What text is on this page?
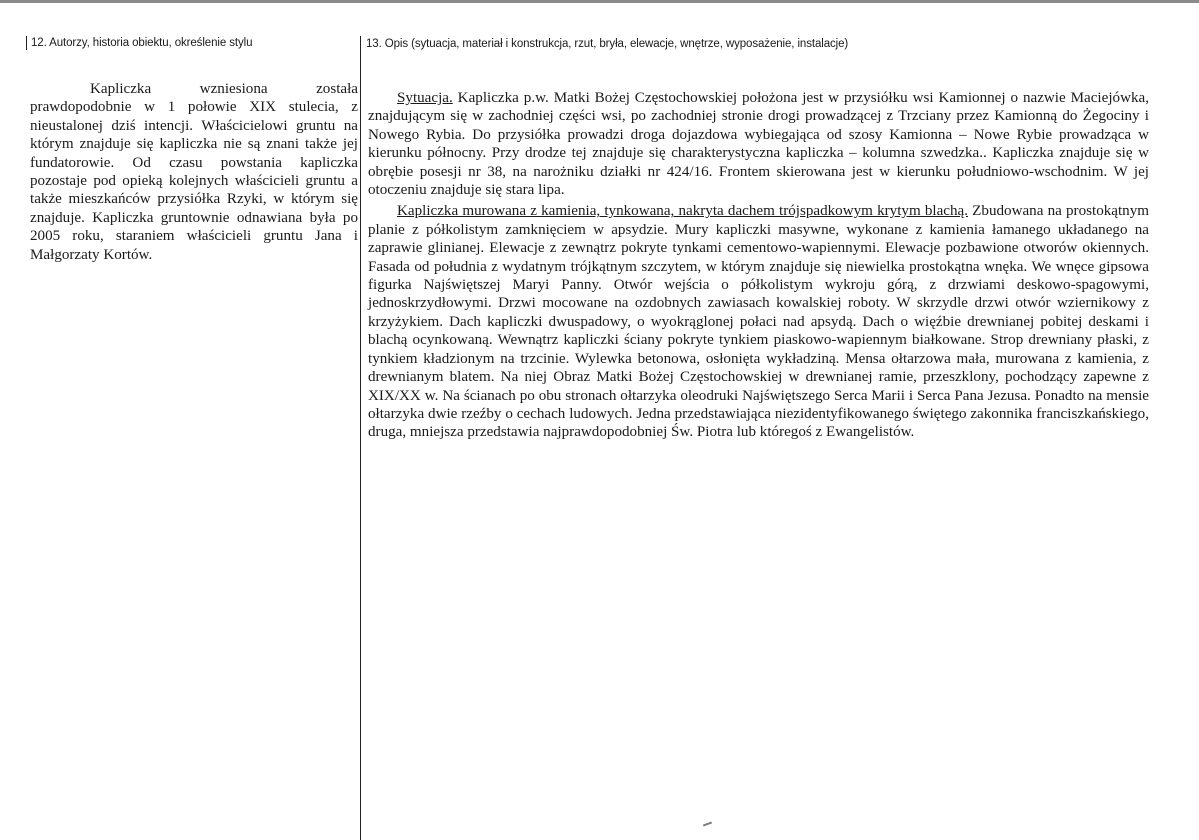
12. Autorzy, historia obiektu, określenie stylu	13. Opis (sytuacja, materiał i konstrukcja, rzut, bryła, elewacje, wnętrze, wyposażenie, instalacje)

Kapliczka wzniesiona została prawdopodobnie w 1 połowie XIX stulecia, z nieustalonej dziś intencji. Właścicielowi gruntu na którym znajduje się kapliczka nie są znani także jej fundatorowie. Od czasu powstania kapliczka pozostaje pod opieką kolejnych właścicieli gruntu a także mieszkańców przysiółka Rzyki, w którym się znajduje. Kapliczka gruntownie odnawiana była po 2005 roku, staraniem właścicieli gruntu Jana i Małgorzaty Kortów.

Sytuacja. Kapliczka p.w. Matki Bożej Częstochowskiej położona jest w przysiółku wsi Kamionnej o nazwie Maciejówka, znajdującym się w zachodniej części wsi, po zachodniej stronie drogi prowadzącej z Trzciany przez Kamionną do Żegociny i Nowego Rybia. Do przysiółka prowadzi droga dojazdowa wybiegająca od szosy Kamionna – Nowe Rybie prowadząca w kierunku północny. Przy drodze tej znajduje się charakterystyczna kapliczka – kolumna szwedzka.. Kapliczka znajduje się w obrębie posesji nr 38, na narożniku działki nr 424/16. Frontem skierowana jest w kierunku południowo-wschodnim. W jej otoczeniu znajduje się stara lipa.

Kapliczka murowana z kamienia, tynkowana, nakryta dachem trójspadkowym krytym blachą. Zbudowana na prostokątnym planie z półkolistym zamknięciem w apsydzie. Mury kapliczki masywne, wykonane z kamienia łamanego układanego na zaprawie glinianej. Elewacje z zewnątrz pokryte tynkami cementowo-wapiennymi. Elewacje pozbawione otworów okiennych. Fasada od południa z wydatnym trójkątnym szczytem, w którym znajduje się niewielka prostokątna wnęka. We wnęce gipsowa figurka Najświętszej Maryi Panny. Otwór wejścia o półkolistym wykroju górą, z drzwiami deskowo-spagowymi, jednoskrzydłowymi. Drzwi mocowane na ozdobnych zawiasach kowalskiej roboty. W skrzydle drzwi otwór wziernikowy z krzyżykiem. Dach kapliczki dwuspadowy, o wyokrąglonej połaci nad apsydą. Dach o więźbie drewnianej pobitej deskami i blachą ocynkowaną. Wewnątrz kapliczki ściany pokryte tynkiem piaskowo-wapiennym białkowane. Strop drewniany płaski, z tynkiem kładzionym na trzcinie. Wylewka betonowa, osłonięta wykładziną. Mensa ołtarzowa mała, murowana z kamienia, z drewnianym blatem. Na niej Obraz Matki Bożej Częstochowskiej w drewnianej ramie, przeszklony, pochodzący zapewne z XIX/XX w. Na ścianach po obu stronach ołtarzyka oleodruki Najświętszego Serca Marii i Serca Pana Jezusa. Ponadto na mensie ołtarzyka dwie rzeźby o cechach ludowych. Jedna przedstawiająca niezidentyfikowanego świętego zakonnika franciszkańskiego, druga, mniejsza przedstawia najprawdopodobniej Św. Piotra lub któregoś z Ewangelistów.
